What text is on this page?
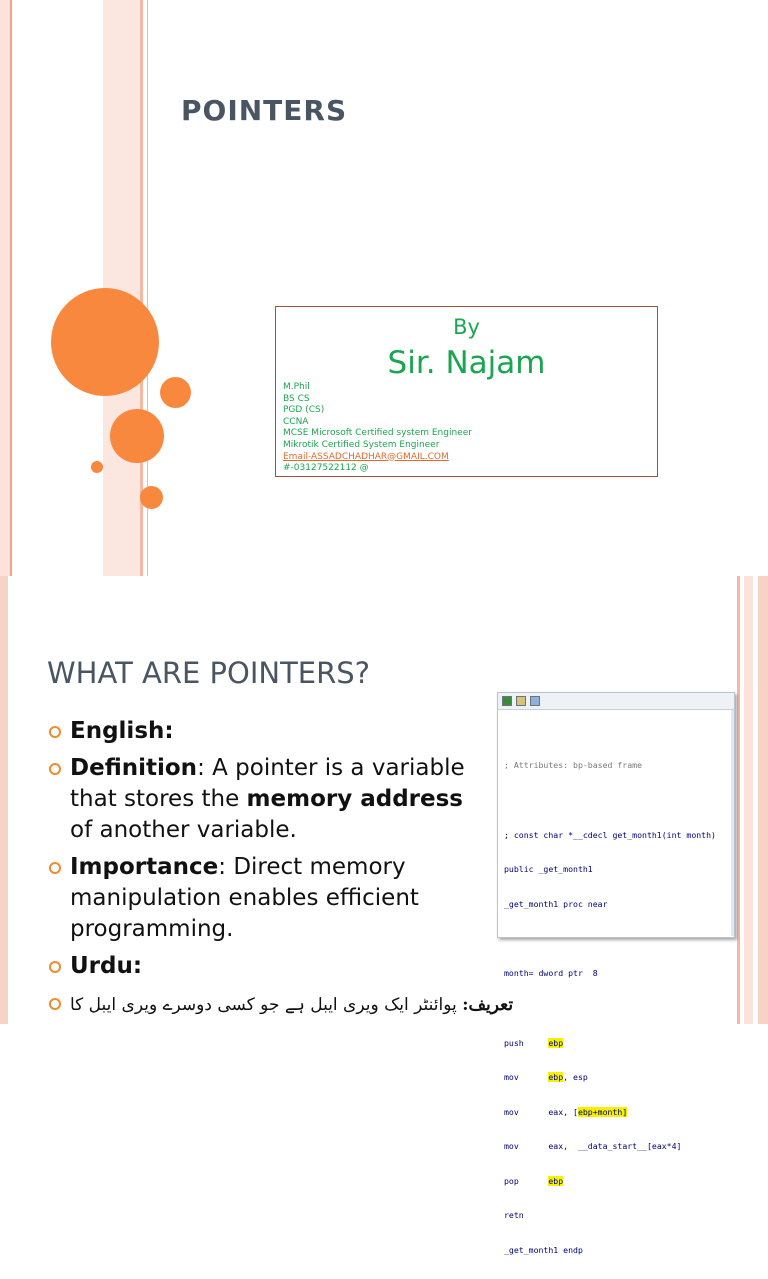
POINTERS
By
Sir. Najam
M.Phil
BS CS
PGD (CS)
CCNA
MCSE Microsoft Certified system Engineer
Mikrotik Certified System Engineer
Email-ASSADCHADHAR@GMAIL.COM
#-03127522112 @
WHAT ARE POINTERS?
English:
Definition: A pointer is a variable
that stores the memory address
of another variable.
Importance: Direct memory
manipulation enables efficient
programming.
Urdu:
تعریف: پوائنٹر ایک ویری ایبل ہے جو کسی دوسرے ویری ایبل کا

; Attributes: bp-based frame

; const char *__cdecl get_month1(int month)

public _get_month1

_get_month1 proc near

month= dword ptr  8

push	ebp

mov	ebp, esp

mov	eax, [ebp+month]

mov	eax,  __data_start__[eax*4]

pop	ebp

retn

_get_month1 endp
